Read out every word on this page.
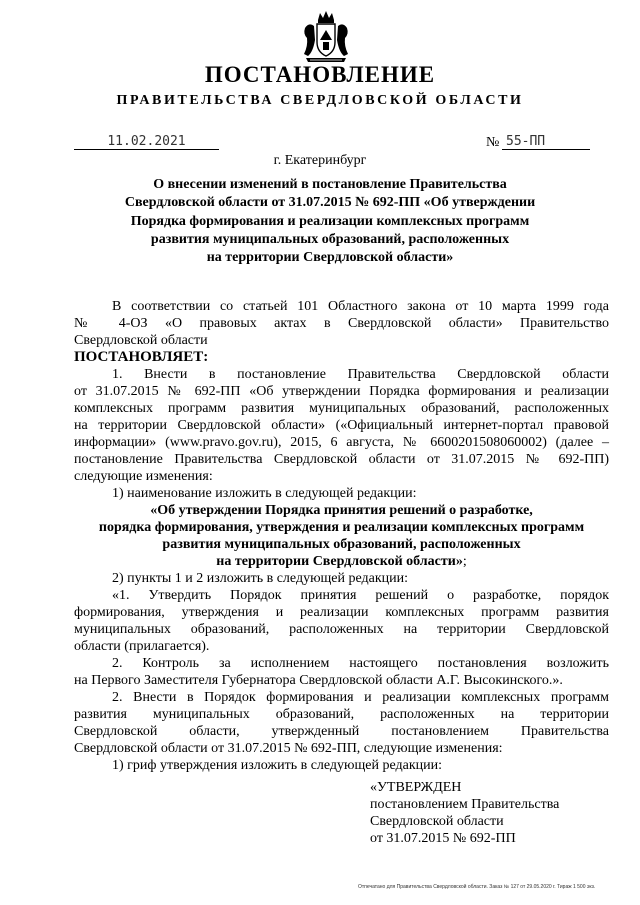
ПОСТАНОВЛЕНИЕ
ПРАВИТЕЛЬСТВА СВЕРДЛОВСКОЙ ОБЛАСТИ
11.02.2021	№ 55-ПП
г. Екатеринбург
О внесении изменений в постановление Правительства
Свердловской области от 31.07.2015 № 692-ПП «Об утверждении
Порядка формирования и реализации комплексных программ
развития муниципальных образований, расположенных
на территории Свердловской области»

В соответствии со статьей 101 Областного закона от 10 марта 1999 года

№ 4-ОЗ «О правовых актах в Свердловской области» Правительство

Свердловской области

ПОСТАНОВЛЯЕТ:

1. Внести в постановление Правительства Свердловской области

от 31.07.2015 № 692-ПП «Об утверждении Порядка формирования и реализации

комплексных программ развития муниципальных образований, расположенных

на территории Свердловской области» («Официальный интернет-портал правовой

информации» (www.pravo.gov.ru), 2015, 6 августа, № 6600201508060002) (далее –

постановление Правительства Свердловской области от 31.07.2015 № 692-ПП)

следующие изменения:

1) наименование изложить в следующей редакции:

«Об утверждении Порядка принятия решений о разработке,

порядка формирования, утверждения и реализации комплексных программ

развития муниципальных образований, расположенных

на территории Свердловской области»;

2) пункты 1 и 2 изложить в следующей редакции:

«1. Утвердить Порядок принятия решений о разработке, порядок

формирования, утверждения и реализации комплексных программ развития

муниципальных образований, расположенных на территории Свердловской

области (прилагается).

2. Контроль за исполнением настоящего постановления возложить

на Первого Заместителя Губернатора Свердловской области А.Г. Высокинского.».

2. Внести в Порядок формирования и реализации комплексных программ

развития муниципальных образований, расположенных на территории

Свердловской области, утвержденный постановлением Правительства

Свердловской области от 31.07.2015 № 692-ПП, следующие изменения:

1) гриф утверждения изложить в следующей редакции:

«УТВЕРЖДЕН
постановлением Правительства
Свердловской области
от 31.07.2015 № 692-ПП
Отпечатано для Правительства Свердловской области. Заказ № 127 от 29.05.2020 г. Тираж 1 500 экз.
